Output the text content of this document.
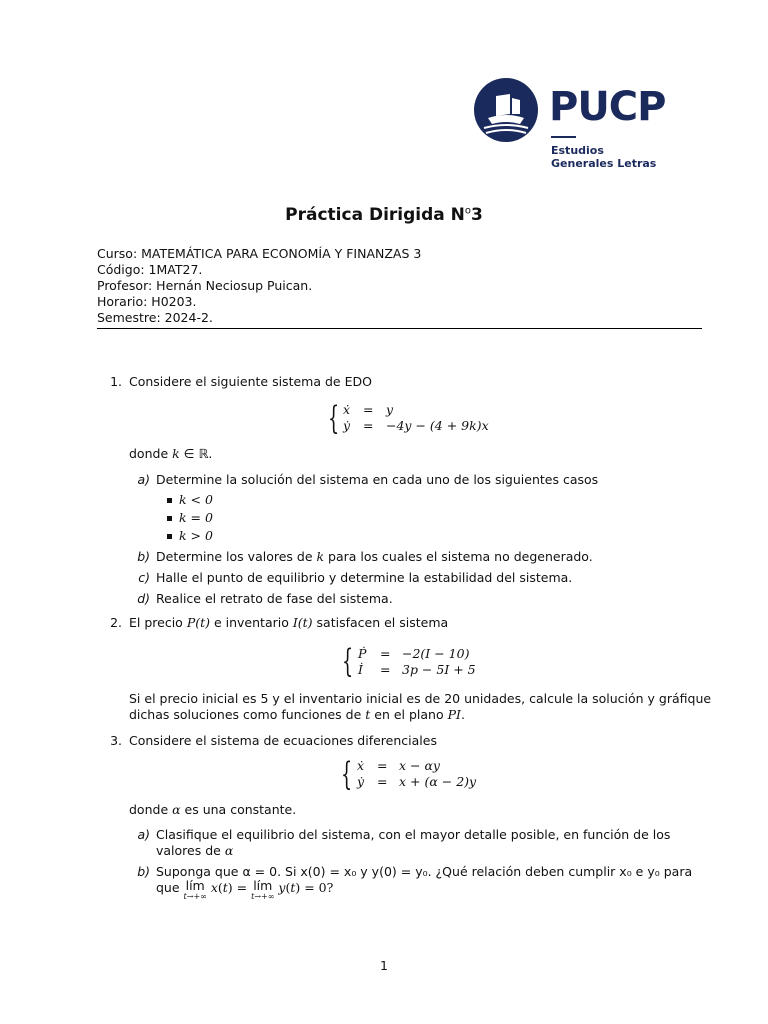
PUCP
Estudios
Generales Letras
Práctica Dirigida $N^o3$
Curso: MATEMÁTICA PARA ECONOMÍA Y FINANZAS 3
Código: 1MAT27.
Profesor: Hernán Neciosup Puican.
Horario: H0203.
Semestre: 2024-2.
1. Considere el siguiente sistema de EDO
{ ẋ = y
ẏ = −4y − (4 + 9k)x
donde k ∈ ℝ.
a) Determine la solución del sistema en cada uno de los siguientes casos
k < 0
k = 0
k > 0
b) Determine los valores de k para los cuales el sistema no degenerado.
c) Halle el punto de equilibrio y determine la estabilidad del sistema.
d) Realice el retrato de fase del sistema.
2. El precio P(t) e inventario I(t) satisfacen el sistema
{ Ṗ = −2(I − 10)
İ = 3p − 5I + 5
Si el precio inicial es 5 y el inventario inicial es de 20 unidades, calcule la solución y gráfique
dichas soluciones como funciones de t en el plano PI.
3. Considere el sistema de ecuaciones diferenciales
{ ẋ = x − αy
ẏ = x + (α − 2)y
donde α es una constante.
a) Clasifique el equilibrio del sistema, con el mayor detalle posible, en función de los
valores de α
b) Suponga que α = 0. Si x(0) = x₀ y y(0) = y₀. ¿Qué relación deben cumplir x₀ e y₀ para
que lím
t→+∞
x(t) = lím
t→+∞
y(t) = 0?
1
